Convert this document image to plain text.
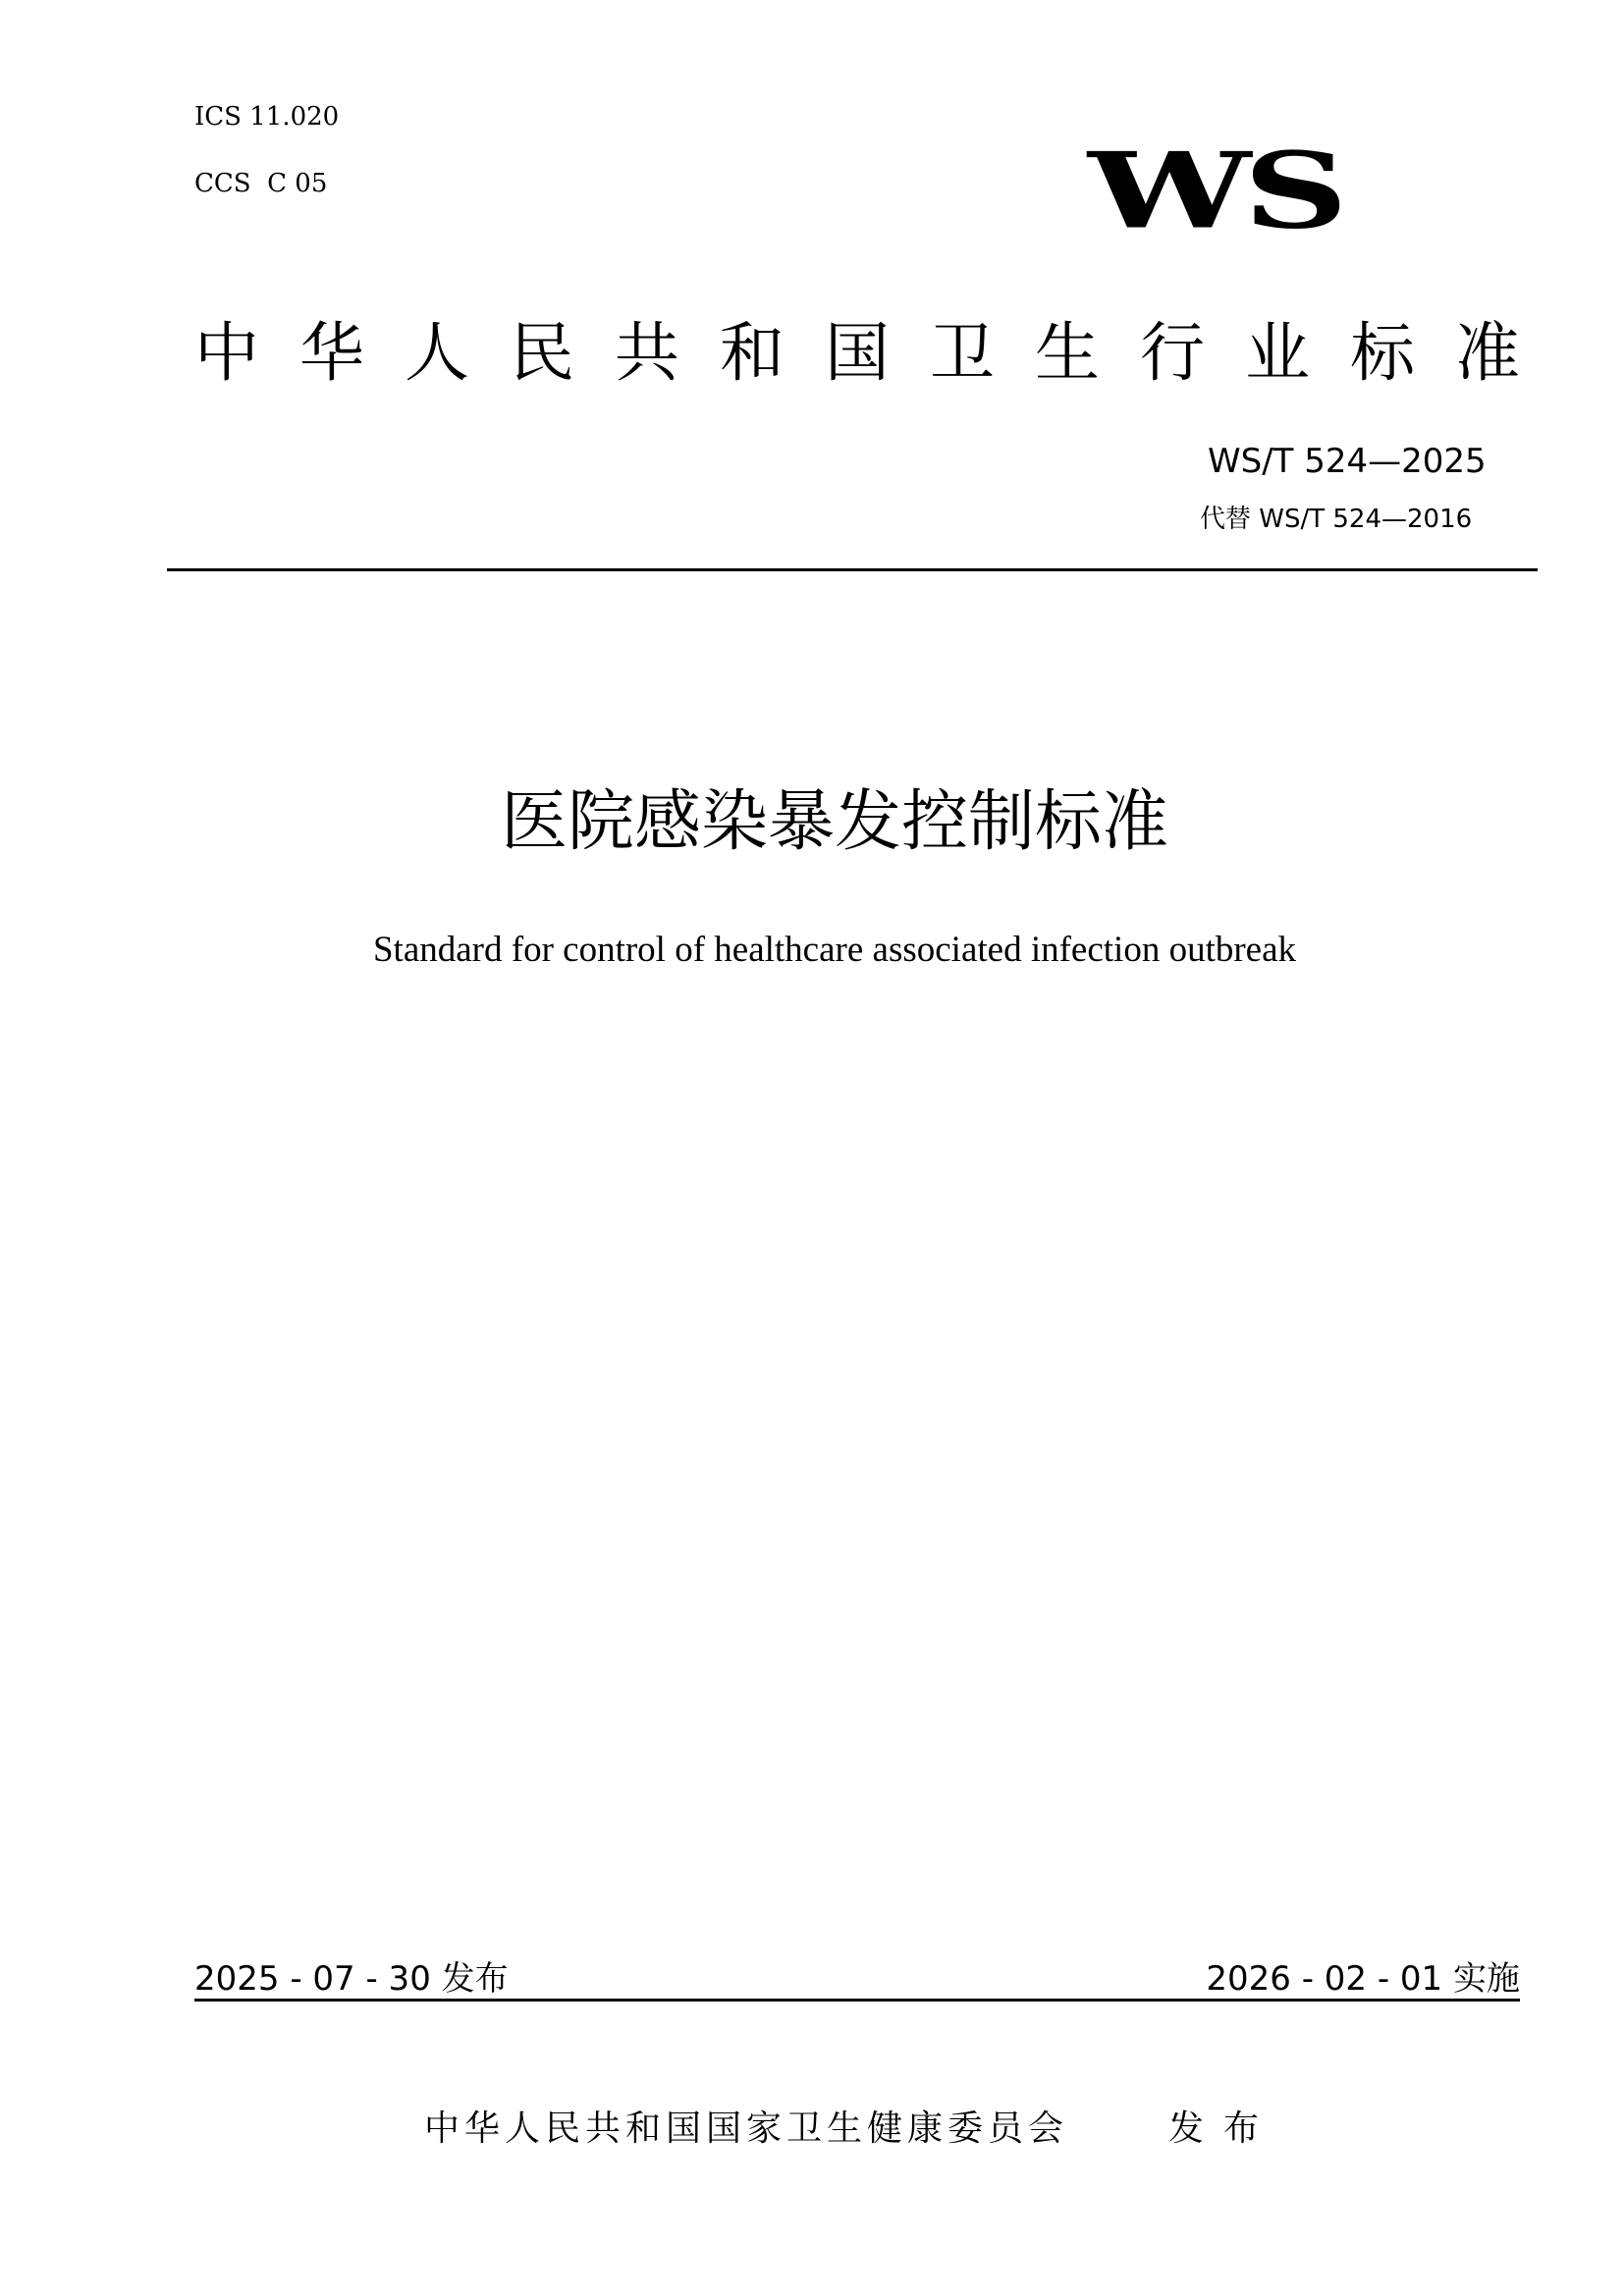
ICS 11.020
CCS  C 05	WS
中华人民共和国卫生行业标准
WS/T 524—2025
代替 WS/T 524—2016
医院感染暴发控制标准
Standard for control of healthcare associated infection outbreak
2025 - 07 - 30 发布	2026 - 02 - 01 实施
中华人民共和国国家卫生健康委员会	发布
